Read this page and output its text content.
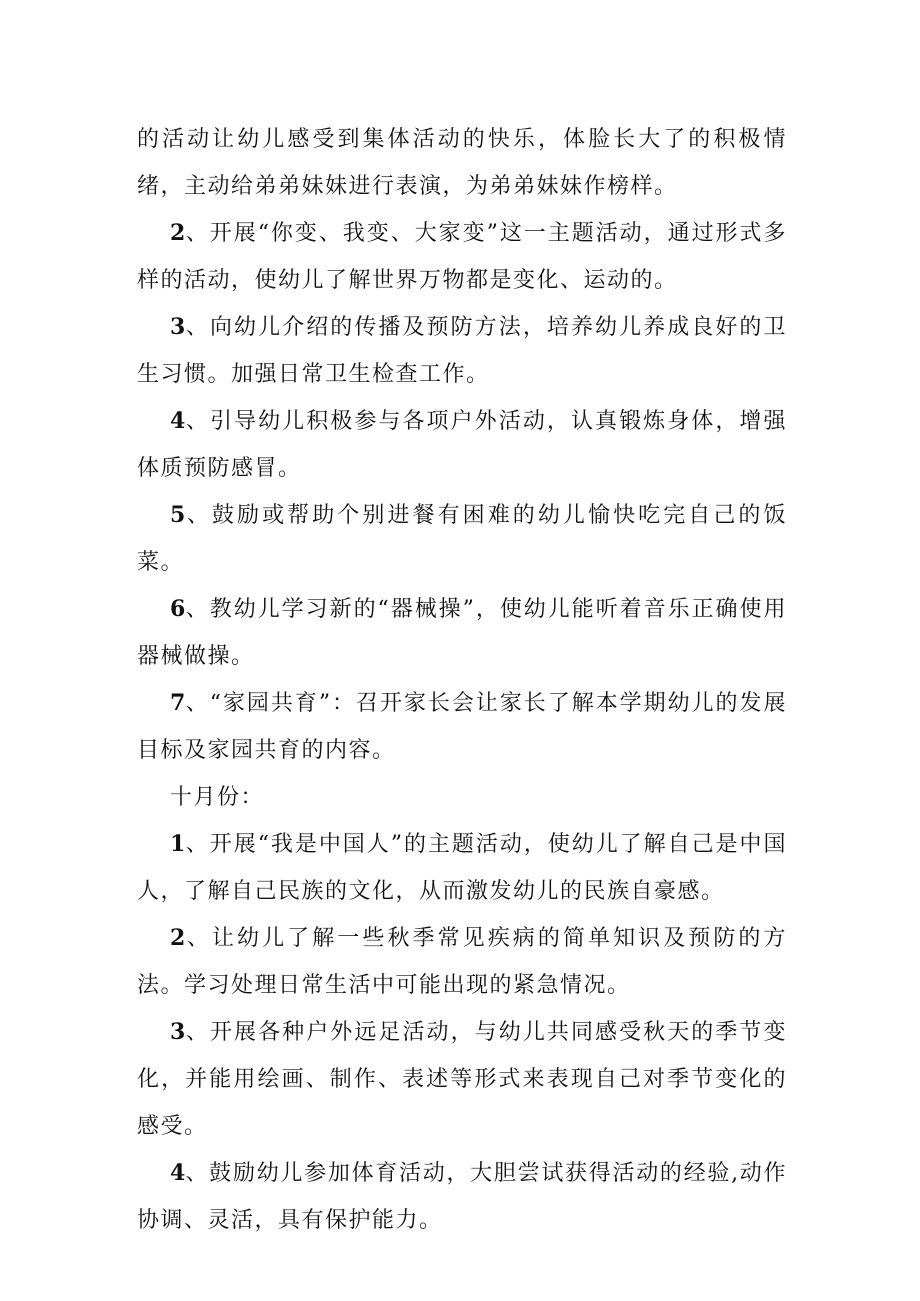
的活动让幼儿感受到集体活动的快乐，体脸长大了的积极情绪，主动给弟弟妹妹进行表演，为弟弟妹妹作榜样。

2、开展“你变、我变、大家变”这一主题活动，通过形式多样的活动，使幼儿了解世界万物都是变化、运动的。

3、向幼儿介绍的传播及预防方法，培养幼儿养成良好的卫生习惯。加强日常卫生检查工作。

4、引导幼儿积极参与各项户外活动，认真锻炼身体，增强体质预防感冒。

5、鼓励或帮助个别进餐有困难的幼儿愉快吃完自己的饭菜。

6、教幼儿学习新的“器械操”，使幼儿能听着音乐正确使用器械做操。

7、“家园共育”：召开家长会让家长了解本学期幼儿的发展目标及家园共育的内容。

十月份：

1、开展“我是中国人”的主题活动，使幼儿了解自己是中国人，了解自己民族的文化，从而激发幼儿的民族自豪感。

2、让幼儿了解一些秋季常见疾病的简单知识及预防的方法。学习处理日常生活中可能出现的紧急情况。

3、开展各种户外远足活动，与幼儿共同感受秋天的季节变化，并能用绘画、制作、表述等形式来表现自己对季节变化的感受。

4、鼓励幼儿参加体育活动，大胆尝试获得活动的经验,动作协调、灵活，具有保护能力。
